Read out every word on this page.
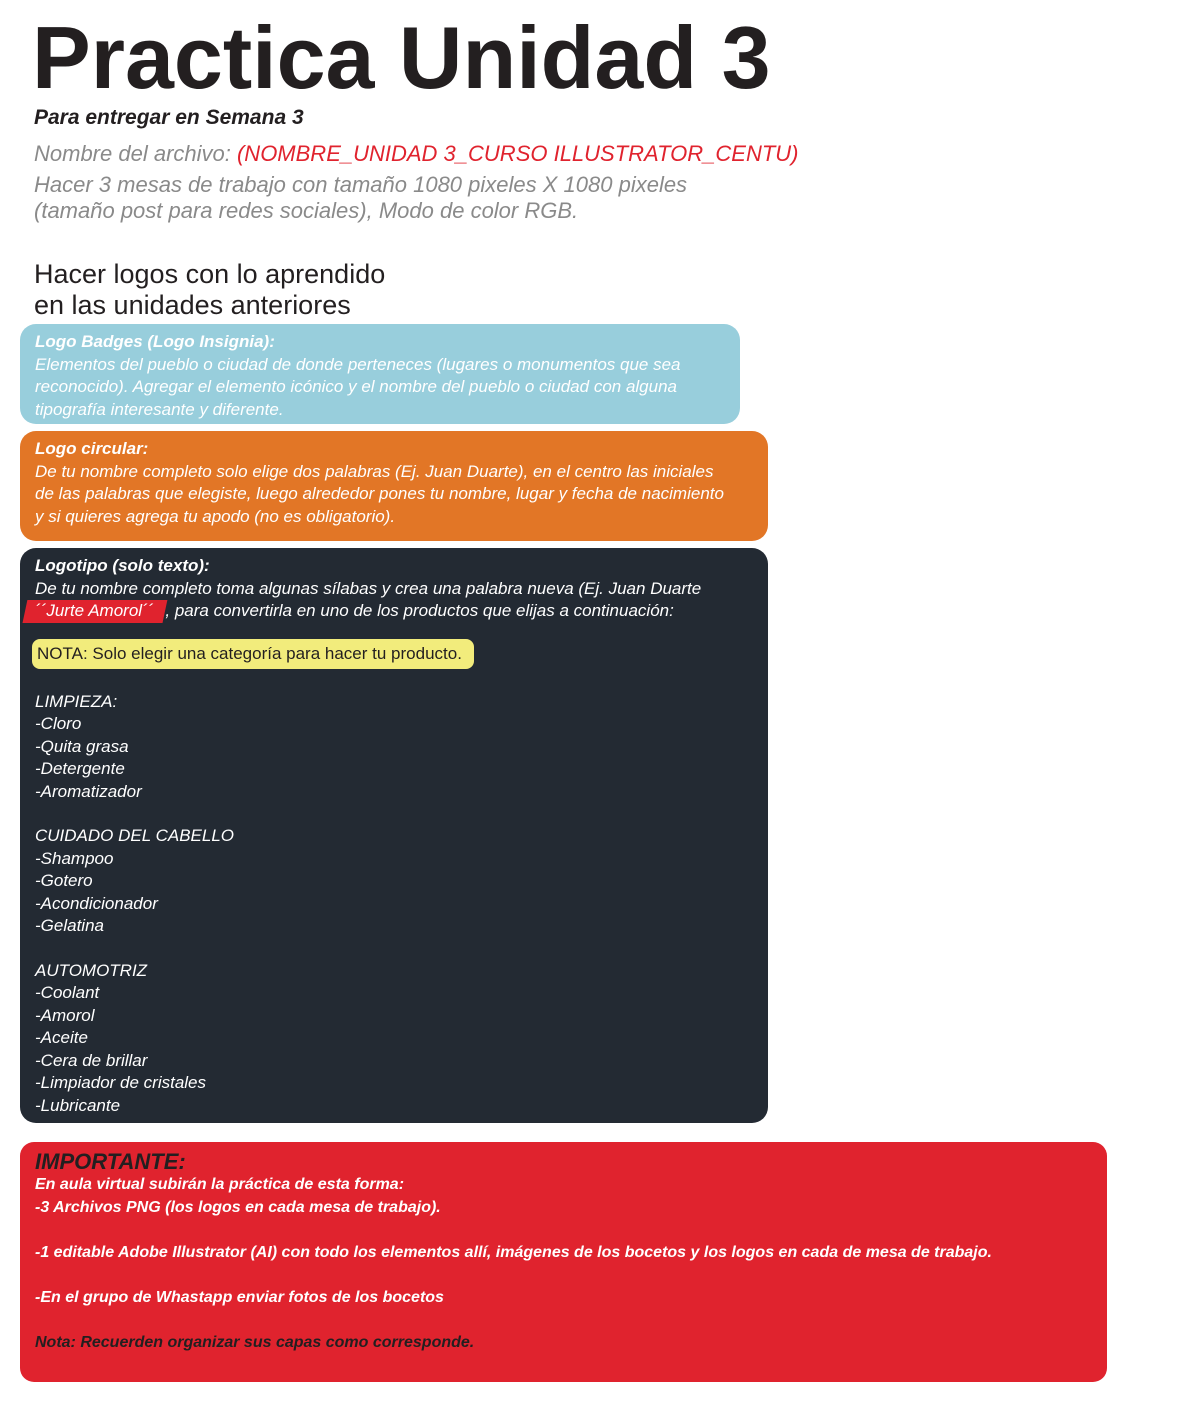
Practica Unidad 3
Para entregar en Semana 3
Nombre del archivo: (NOMBRE_UNIDAD 3_CURSO ILLUSTRATOR_CENTU)
Hacer 3 mesas de trabajo con tamaño 1080 pixeles X 1080 pixeles
(tamaño post para redes sociales), Modo de color RGB.
Hacer logos con lo aprendido
en las unidades anteriores
Logo Badges (Logo Insignia):
Elementos del pueblo o ciudad de donde perteneces (lugares o monumentos que sea
reconocido). Agregar el elemento icónico y el nombre del pueblo o ciudad con alguna
tipografía interesante y diferente.
Logo circular:
De tu nombre completo solo elige dos palabras (Ej. Juan Duarte), en el centro las iniciales
de las palabras que elegiste, luego alrededor pones tu nombre, lugar y fecha de nacimiento
y si quieres agrega tu apodo (no es obligatorio).
Logotipo (solo texto):
De tu nombre completo toma algunas sílabas y crea una palabra nueva (Ej. Juan Duarte
´´Jurte Amorol´´ , para convertirla en uno de los productos que elijas a continuación:
NOTA: Solo elegir una categoría para hacer tu producto.
LIMPIEZA:
-Cloro
-Quita grasa
-Detergente
-Aromatizador
CUIDADO DEL CABELLO
-Shampoo
-Gotero
-Acondicionador
-Gelatina
AUTOMOTRIZ
-Coolant
-Amorol
-Aceite
-Cera de brillar
-Limpiador de cristales
-Lubricante
IMPORTANTE:
En aula virtual subirán la práctica de esta forma:
-3 Archivos PNG (los logos en cada mesa de trabajo).
-1 editable Adobe Illustrator (AI) con todo los elementos allí, imágenes de los bocetos y los logos en cada de mesa de trabajo.
-En el grupo de Whastapp enviar fotos de los bocetos
Nota: Recuerden organizar sus capas como corresponde.
